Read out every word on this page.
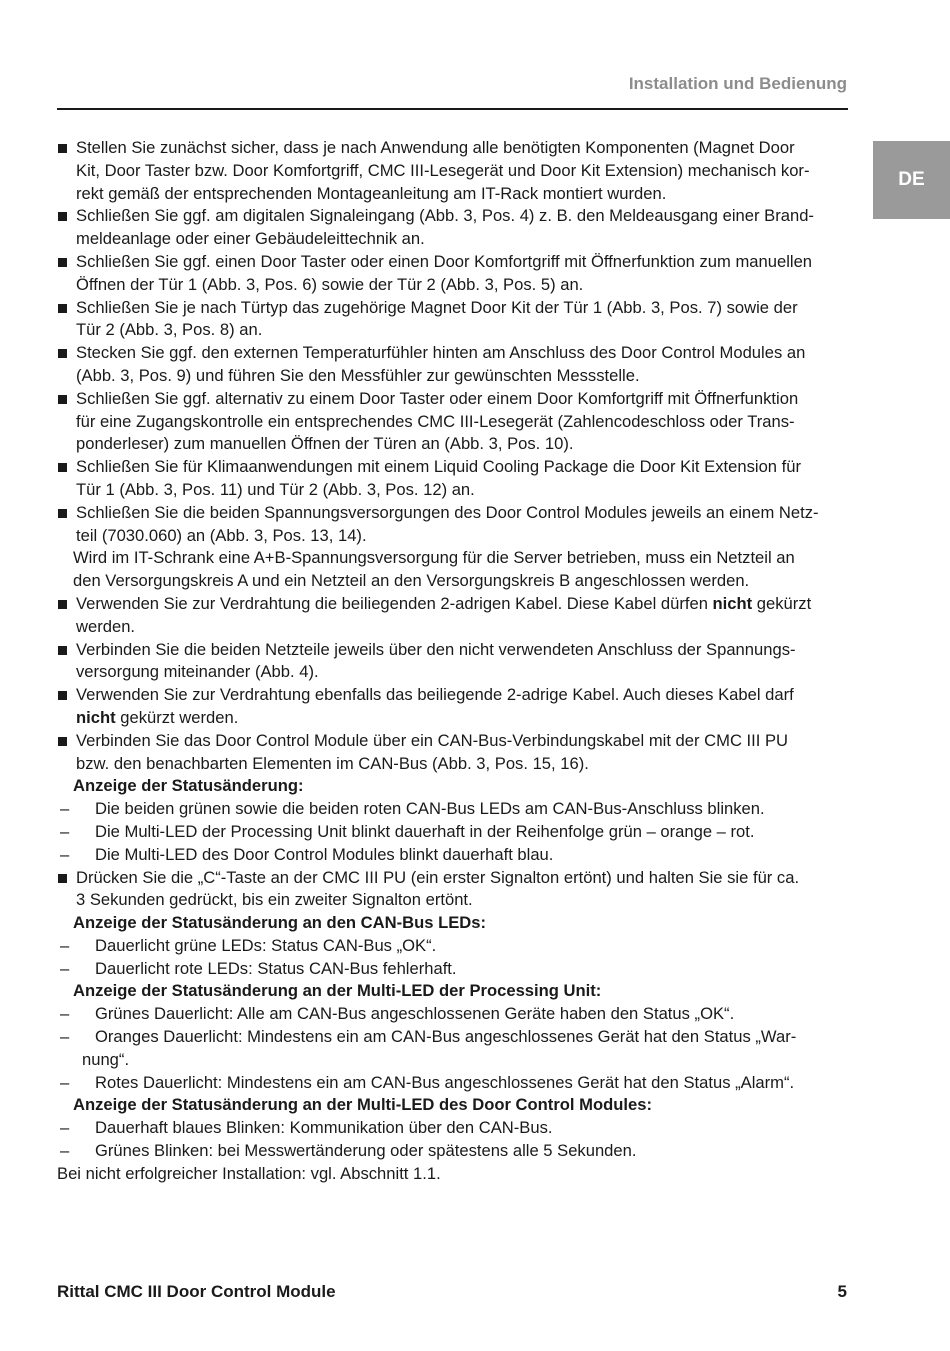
Installation und Bedienung
DE
Stellen Sie zunächst sicher, dass je nach Anwendung alle benötigten Komponenten (Magnet Door
Kit, Door Taster bzw. Door Komfortgriff, CMC III-Lesegerät und Door Kit Extension) mechanisch kor-
rekt gemäß der entsprechenden Montageanleitung am IT-Rack montiert wurden.
Schließen Sie ggf. am digitalen Signaleingang (Abb. 3, Pos. 4) z. B. den Meldeausgang einer Brand-
meldeanlage oder einer Gebäudeleittechnik an.
Schließen Sie ggf. einen Door Taster oder einen Door Komfortgriff mit Öffnerfunktion zum manuellen
Öffnen der Tür 1 (Abb. 3, Pos. 6) sowie der Tür 2 (Abb. 3, Pos. 5) an.
Schließen Sie je nach Türtyp das zugehörige Magnet Door Kit der Tür 1 (Abb. 3, Pos. 7) sowie der
Tür 2 (Abb. 3, Pos. 8) an.
Stecken Sie ggf. den externen Temperaturfühler hinten am Anschluss des Door Control Modules an
(Abb. 3, Pos. 9) und führen Sie den Messfühler zur gewünschten Messstelle.
Schließen Sie ggf. alternativ zu einem Door Taster oder einem Door Komfortgriff mit Öffnerfunktion
für eine Zugangskontrolle ein entsprechendes CMC III-Lesegerät (Zahlencodeschloss oder Trans-
ponderleser) zum manuellen Öffnen der Türen an (Abb. 3, Pos. 10).
Schließen Sie für Klimaanwendungen mit einem Liquid Cooling Package die Door Kit Extension für
Tür 1 (Abb. 3, Pos. 11) und Tür 2 (Abb. 3, Pos. 12) an.
Schließen Sie die beiden Spannungsversorgungen des Door Control Modules jeweils an einem Netz-
teil (7030.060) an (Abb. 3, Pos. 13, 14).
Wird im IT-Schrank eine A+B-Spannungsversorgung für die Server betrieben, muss ein Netzteil an
den Versorgungskreis A und ein Netzteil an den Versorgungskreis B angeschlossen werden.
Verwenden Sie zur Verdrahtung die beiliegenden 2-adrigen Kabel. Diese Kabel dürfen nicht gekürzt
werden.
Verbinden Sie die beiden Netzteile jeweils über den nicht verwendeten Anschluss der Spannungs-
versorgung miteinander (Abb. 4).
Verwenden Sie zur Verdrahtung ebenfalls das beiliegende 2-adrige Kabel. Auch dieses Kabel darf
nicht gekürzt werden.
Verbinden Sie das Door Control Module über ein CAN-Bus-Verbindungskabel mit der CMC III PU
bzw. den benachbarten Elementen im CAN-Bus (Abb. 3, Pos. 15, 16).
Anzeige der Statusänderung:
– Die beiden grünen sowie die beiden roten CAN-Bus LEDs am CAN-Bus-Anschluss blinken.
– Die Multi-LED der Processing Unit blinkt dauerhaft in der Reihenfolge grün – orange – rot.
– Die Multi-LED des Door Control Modules blinkt dauerhaft blau.
Drücken Sie die „C“-Taste an der CMC III PU (ein erster Signalton ertönt) und halten Sie sie für ca.
3 Sekunden gedrückt, bis ein zweiter Signalton ertönt.
Anzeige der Statusänderung an den CAN-Bus LEDs:
– Dauerlicht grüne LEDs: Status CAN-Bus „OK“.
– Dauerlicht rote LEDs: Status CAN-Bus fehlerhaft.
Anzeige der Statusänderung an der Multi-LED der Processing Unit:
– Grünes Dauerlicht: Alle am CAN-Bus angeschlossenen Geräte haben den Status „OK“.
– Oranges Dauerlicht: Mindestens ein am CAN-Bus angeschlossenes Gerät hat den Status „War-
nung“.
– Rotes Dauerlicht: Mindestens ein am CAN-Bus angeschlossenes Gerät hat den Status „Alarm“.
Anzeige der Statusänderung an der Multi-LED des Door Control Modules:
– Dauerhaft blaues Blinken: Kommunikation über den CAN-Bus.
– Grünes Blinken: bei Messwertänderung oder spätestens alle 5 Sekunden.
Bei nicht erfolgreicher Installation: vgl. Abschnitt 1.1.
Rittal CMC III Door Control Module	5
